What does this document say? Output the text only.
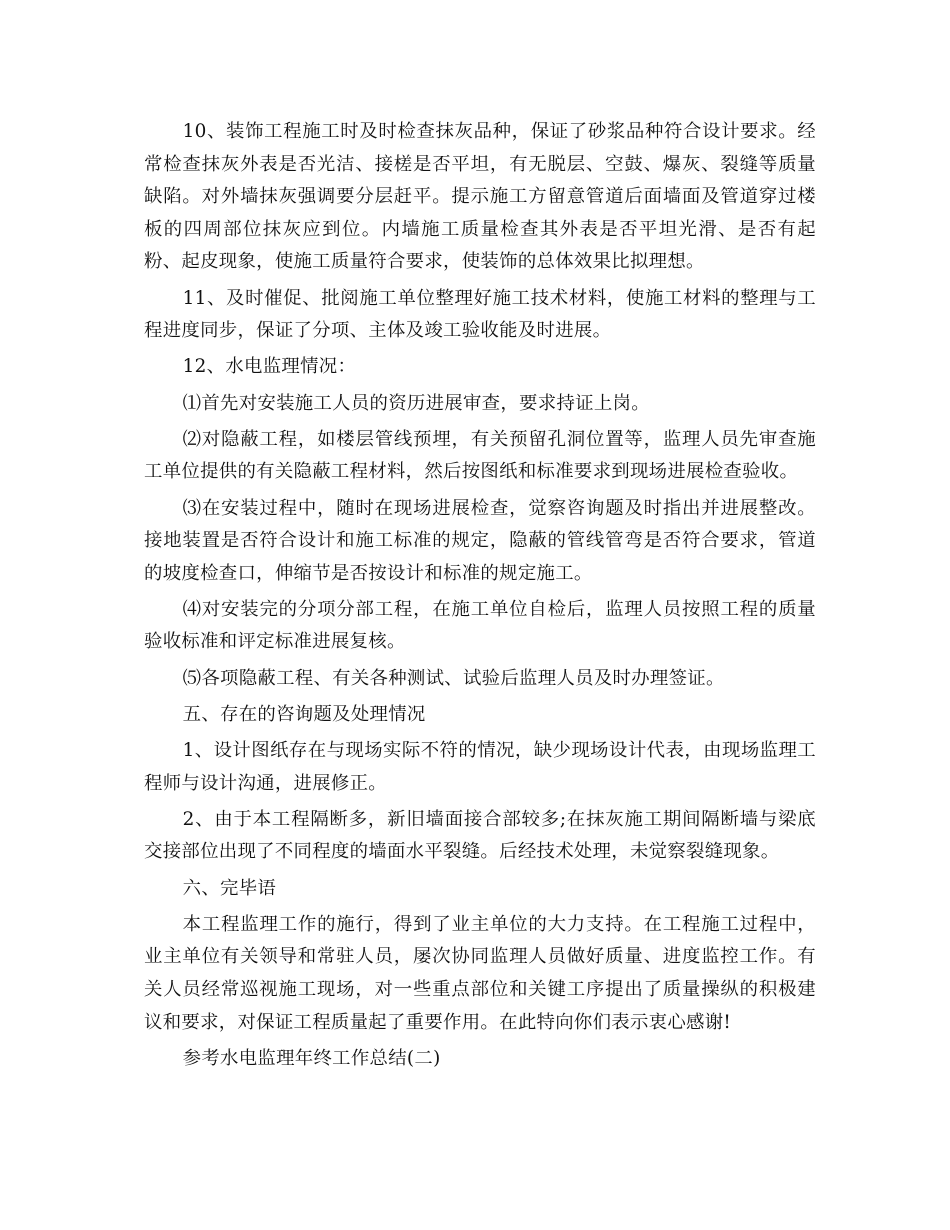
10、装饰工程施工时及时检查抹灰品种，保证了砂浆品种符合设计要求。经常检查抹灰外表是否光洁、接槎是否平坦，有无脱层、空鼓、爆灰、裂缝等质量缺陷。对外墙抹灰强调要分层赶平。提示施工方留意管道后面墙面及管道穿过楼板的四周部位抹灰应到位。内墙施工质量检查其外表是否平坦光滑、是否有起粉、起皮现象，使施工质量符合要求，使装饰的总体效果比拟理想。

11、及时催促、批阅施工单位整理好施工技术材料，使施工材料的整理与工程进度同步，保证了分项、主体及竣工验收能及时进展。

12、水电监理情况：

⑴首先对安装施工人员的资历进展审查，要求持证上岗。

⑵对隐蔽工程，如楼层管线预埋，有关预留孔洞位置等，监理人员先审查施工单位提供的有关隐蔽工程材料，然后按图纸和标准要求到现场进展检查验收。

⑶在安装过程中，随时在现场进展检查，觉察咨询题及时指出并进展整改。接地装置是否符合设计和施工标准的规定，隐蔽的管线管弯是否符合要求，管道的坡度检查口，伸缩节是否按设计和标准的规定施工。

⑷对安装完的分项分部工程，在施工单位自检后，监理人员按照工程的质量验收标准和评定标准进展复核。

⑸各项隐蔽工程、有关各种测试、试验后监理人员及时办理签证。

五、存在的咨询题及处理情况

1、设计图纸存在与现场实际不符的情况，缺少现场设计代表，由现场监理工程师与设计沟通，进展修正。

2、由于本工程隔断多，新旧墙面接合部较多;在抹灰施工期间隔断墙与梁底交接部位出现了不同程度的墙面水平裂缝。后经技术处理，未觉察裂缝现象。

六、完毕语

本工程监理工作的施行，得到了业主单位的大力支持。在工程施工过程中，业主单位有关领导和常驻人员，屡次协同监理人员做好质量、进度监控工作。有关人员经常巡视施工现场，对一些重点部位和关键工序提出了质量操纵的积极建议和要求，对保证工程质量起了重要作用。在此特向你们表示衷心感谢!

参考水电监理年终工作总结(二)
